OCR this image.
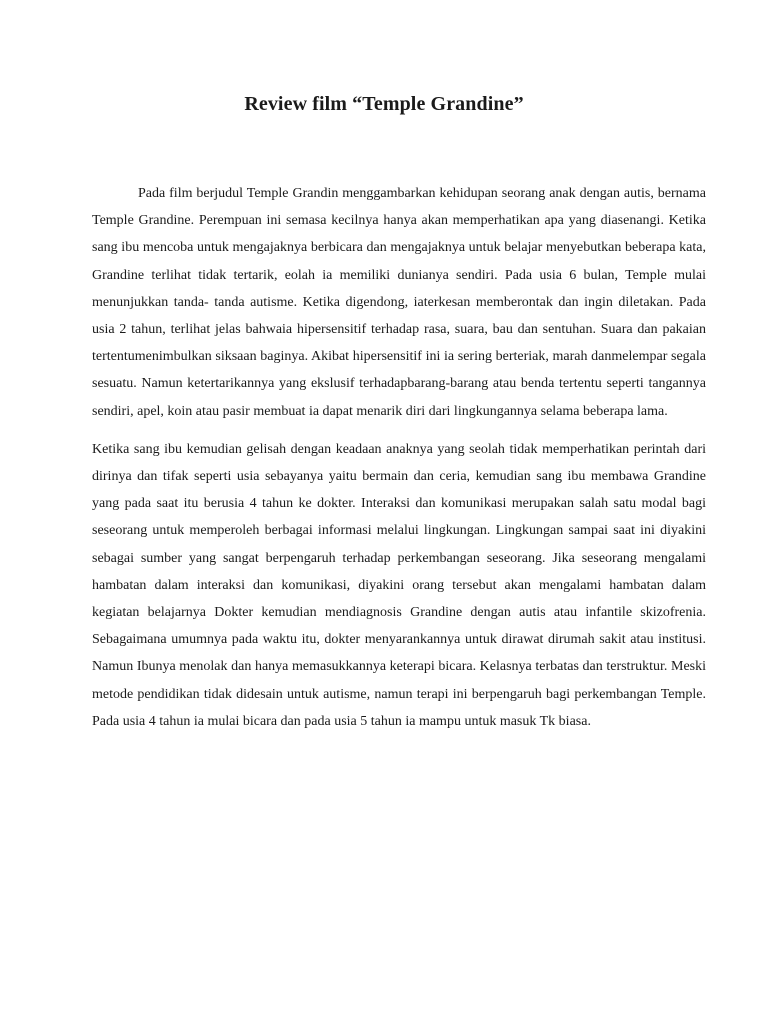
Review film “Temple Grandine”

Pada film berjudul Temple Grandin menggambarkan kehidupan seorang anak dengan autis, bernama Temple Grandine. Perempuan ini semasa kecilnya hanya akan memperhatikan apa yang diasenangi. Ketika sang ibu mencoba untuk mengajaknya berbicara dan mengajaknya untuk belajar menyebutkan beberapa kata, Grandine terlihat tidak tertarik, eolah ia memiliki dunianya sendiri. Pada usia 6 bulan, Temple mulai menunjukkan tanda- tanda autisme. Ketika digendong, iaterkesan memberontak dan ingin diletakan. Pada usia 2 tahun, terlihat jelas bahwaia hipersensitif terhadap rasa, suara, bau dan sentuhan. Suara dan pakaian tertentumenimbulkan siksaan baginya. Akibat hipersensitif ini ia sering berteriak, marah danmelempar segala sesuatu. Namun ketertarikannya yang ekslusif terhadapbarang-barang atau benda tertentu seperti tangannya sendiri, apel, koin atau pasir membuat ia dapat menarik diri dari lingkungannya selama beberapa lama.

Ketika sang ibu kemudian gelisah dengan keadaan anaknya yang seolah tidak memperhatikan perintah dari dirinya dan tifak seperti usia sebayanya yaitu bermain dan ceria, kemudian sang ibu membawa Grandine yang pada saat itu berusia 4 tahun ke dokter. Interaksi dan komunikasi merupakan salah satu modal bagi seseorang untuk memperoleh berbagai informasi melalui lingkungan. Lingkungan sampai saat ini diyakini sebagai sumber yang sangat berpengaruh terhadap perkembangan seseorang. Jika seseorang mengalami hambatan dalam interaksi dan komunikasi, diyakini orang tersebut akan mengalami hambatan dalam kegiatan belajarnya Dokter kemudian mendiagnosis Grandine dengan autis atau infantile skizofrenia. Sebagaimana umumnya pada waktu itu, dokter menyarankannya untuk dirawat dirumah sakit atau institusi. Namun Ibunya menolak dan hanya memasukkannya keterapi bicara. Kelasnya terbatas dan terstruktur. Meski metode pendidikan tidak didesain untuk autisme, namun terapi ini berpengaruh bagi perkembangan Temple. Pada usia 4 tahun ia mulai bicara dan pada usia 5 tahun ia mampu untuk masuk Tk biasa.
